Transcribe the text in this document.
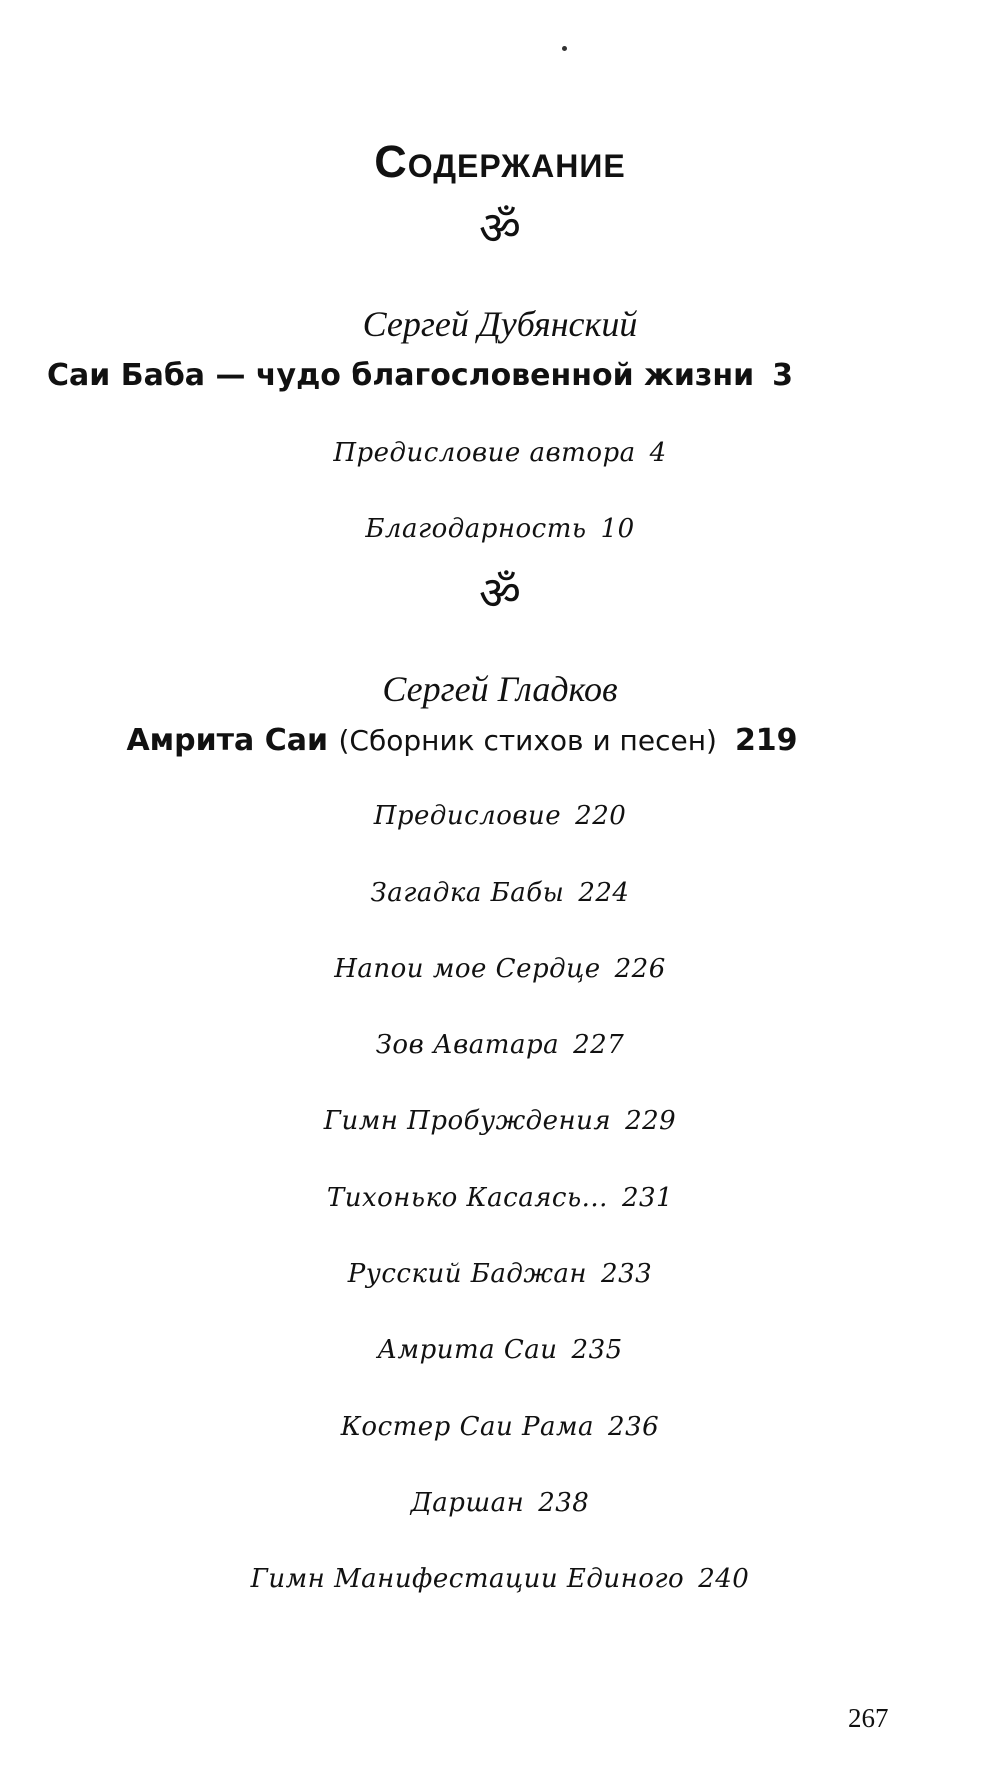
Содержание
ॐ
Сергей Дубянский
Саи Баба — чудо благословенной жизни 3
Предисловие автора 4
Благодарность 10
ॐ
Сергей Гладков
Амрита Саи (Сборник стихов и песен) 219
Предисловие 220
Загадка Бабы 224
Напои мое Сердце 226
Зов Аватара 227
Гимн Пробуждения 229
Тихонько Касаясь... 231
Русский Баджан 233
Амрита Саи 235
Костер Саи Рама 236
Даршан 238
Гимн Манифестации Единого 240
267
